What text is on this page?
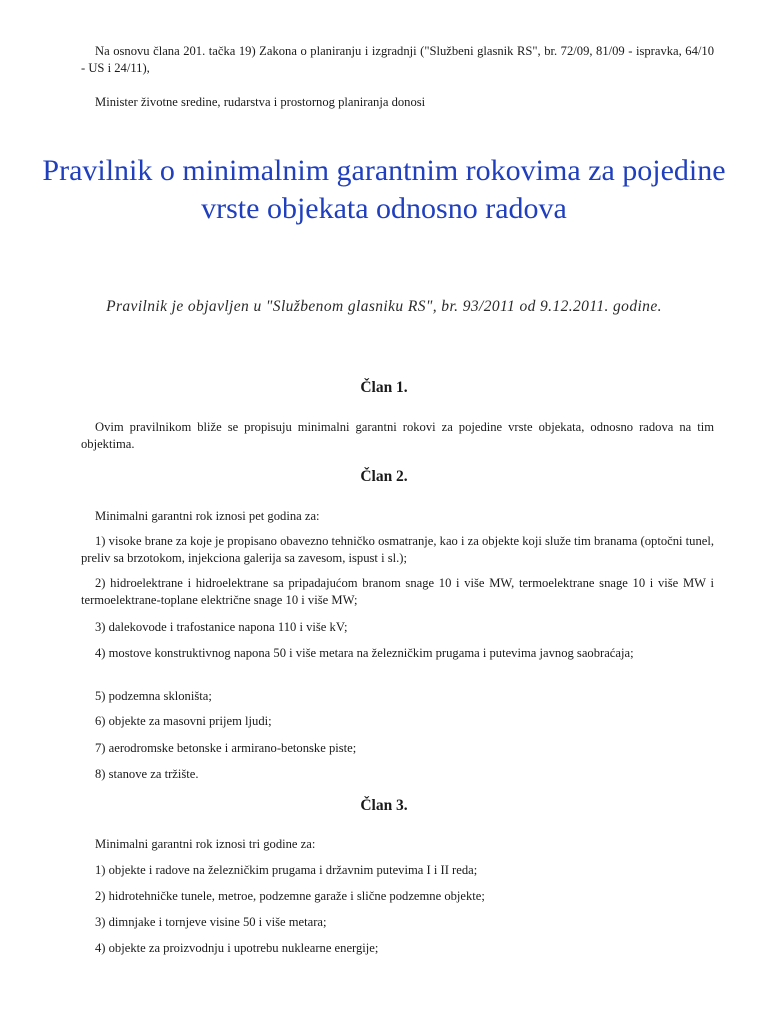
Na osnovu člana 201. tačka 19) Zakona o planiranju i izgradnji ("Službeni glasnik RS", br. 72/09, 81/09 - ispravka, 64/10 - US i 24/11),

Minister životne sredine, rudarstva i prostornog planiranja donosi

Pravilnik o minimalnim garantnim rokovima za pojedine vrste objekata odnosno radova

Pravilnik je objavljen u "Službenom glasniku RS", br. 93/2011 od 9.12.2011. godine.

Član 1.

Ovim pravilnikom bliže se propisuju minimalni garantni rokovi za pojedine vrste objekata, odnosno radova na tim objektima.

Član 2.

Minimalni garantni rok iznosi pet godina za:

1) visoke brane za koje je propisano obavezno tehničko osmatranje, kao i za objekte koji služe tim branama (optočni tunel, preliv sa brzotokom, injekciona galerija sa zavesom, ispust i sl.);

2) hidroelektrane i hidroelektrane sa pripadajućom branom snage 10 i više MW, termoelektrane snage 10 i više MW i termoelektrane-toplane električne snage 10 i više MW;

3) dalekovode i trafostanice napona 110 i više kV;

4) mostove konstruktivnog napona 50 i više metara na železničkim prugama i putevima javnog saobraćaja;

5) podzemna skloništa;

6) objekte za masovni prijem ljudi;

7) aerodromske betonske i armirano-betonske piste;

8) stanove za tržište.

Član 3.

Minimalni garantni rok iznosi tri godine za:

1) objekte i radove na železničkim prugama i državnim putevima I i II reda;

2) hidrotehničke tunele, metroe, podzemne garaže i slične podzemne objekte;

3) dimnjake i tornjeve visine 50 i više metara;

4) objekte za proizvodnju i upotrebu nuklearne energije;
